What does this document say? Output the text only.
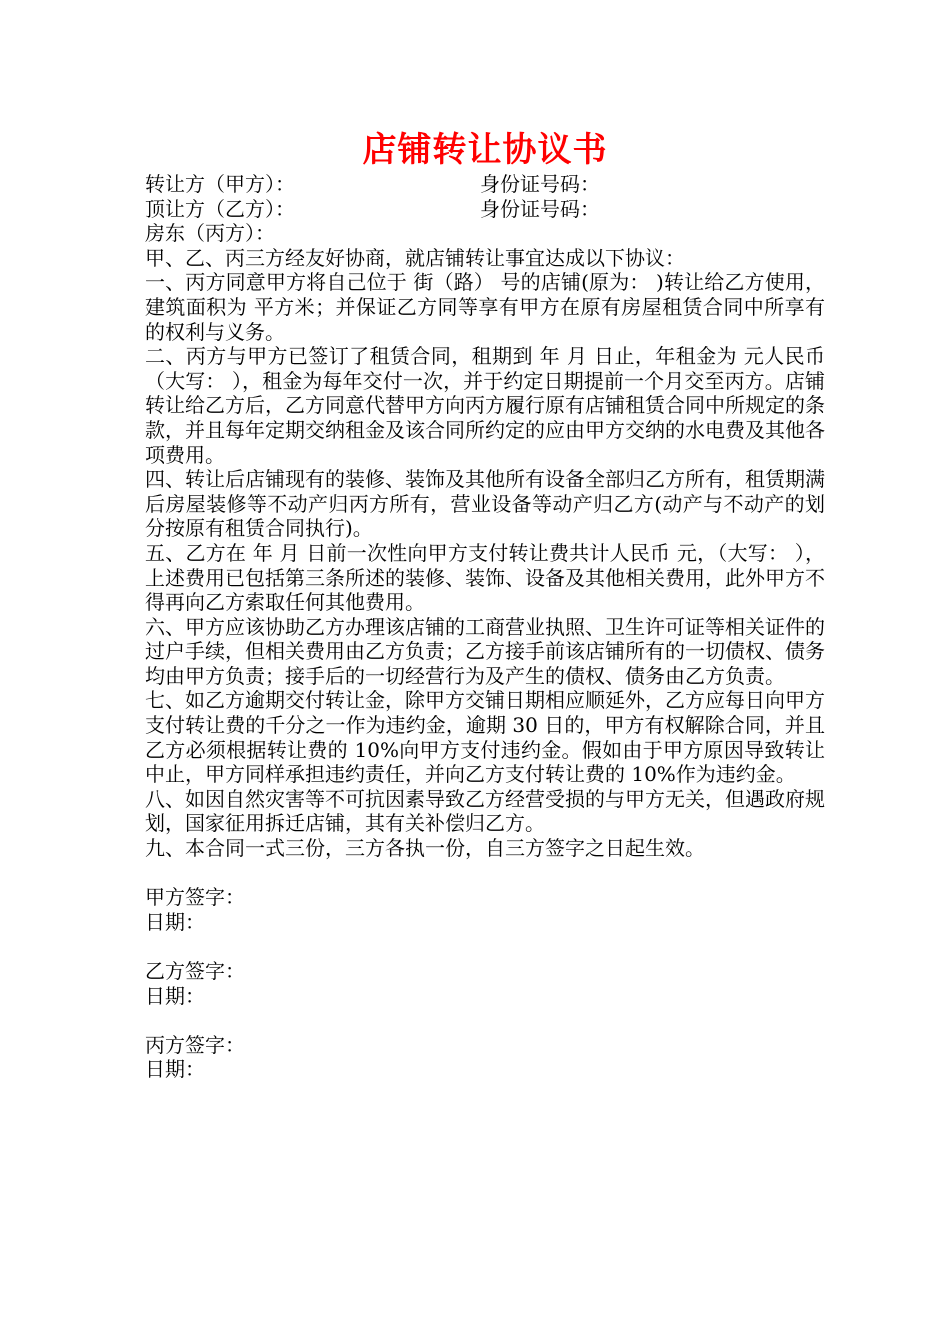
店铺转让协议书
转让方（甲方）：	身份证号码：
顶让方（乙方）：	身份证号码：
房东（丙方）：
甲、乙、丙三方经友好协商，就店铺转让事宜达成以下协议：
一、丙方同意甲方将自己位于 街（路） 号的店铺(原为： )转让给乙方使用，建筑面积为 平方米；并保证乙方同等享有甲方在原有房屋租赁合同中所享有的权利与义务。
二、丙方与甲方已签订了租赁合同，租期到 年 月 日止，年租金为 元人民币（大写： ），租金为每年交付一次，并于约定日期提前一个月交至丙方。店铺转让给乙方后，乙方同意代替甲方向丙方履行原有店铺租赁合同中所规定的条款，并且每年定期交纳租金及该合同所约定的应由甲方交纳的水电费及其他各项费用。
四、转让后店铺现有的装修、装饰及其他所有设备全部归乙方所有，租赁期满后房屋装修等不动产归丙方所有，营业设备等动产归乙方(动产与不动产的划分按原有租赁合同执行)。
五、乙方在 年 月 日前一次性向甲方支付转让费共计人民币 元，（大写： ），上述费用已包括第三条所述的装修、装饰、设备及其他相关费用，此外甲方不得再向乙方索取任何其他费用。
六、甲方应该协助乙方办理该店铺的工商营业执照、卫生许可证等相关证件的过户手续，但相关费用由乙方负责；乙方接手前该店铺所有的一切债权、债务均由甲方负责；接手后的一切经营行为及产生的债权、债务由乙方负责。
七、如乙方逾期交付转让金，除甲方交铺日期相应顺延外，乙方应每日向甲方支付转让费的千分之一作为违约金，逾期 30 日的，甲方有权解除合同，并且乙方必须根据转让费的 10%向甲方支付违约金。假如由于甲方原因导致转让中止，甲方同样承担违约责任，并向乙方支付转让费的 10%作为违约金。
八、如因自然灾害等不可抗因素导致乙方经营受损的与甲方无关，但遇政府规划，国家征用拆迁店铺，其有关补偿归乙方。
九、本合同一式三份，三方各执一份，自三方签字之日起生效。
甲方签字：
日期：
乙方签字：
日期：
丙方签字：
日期：
